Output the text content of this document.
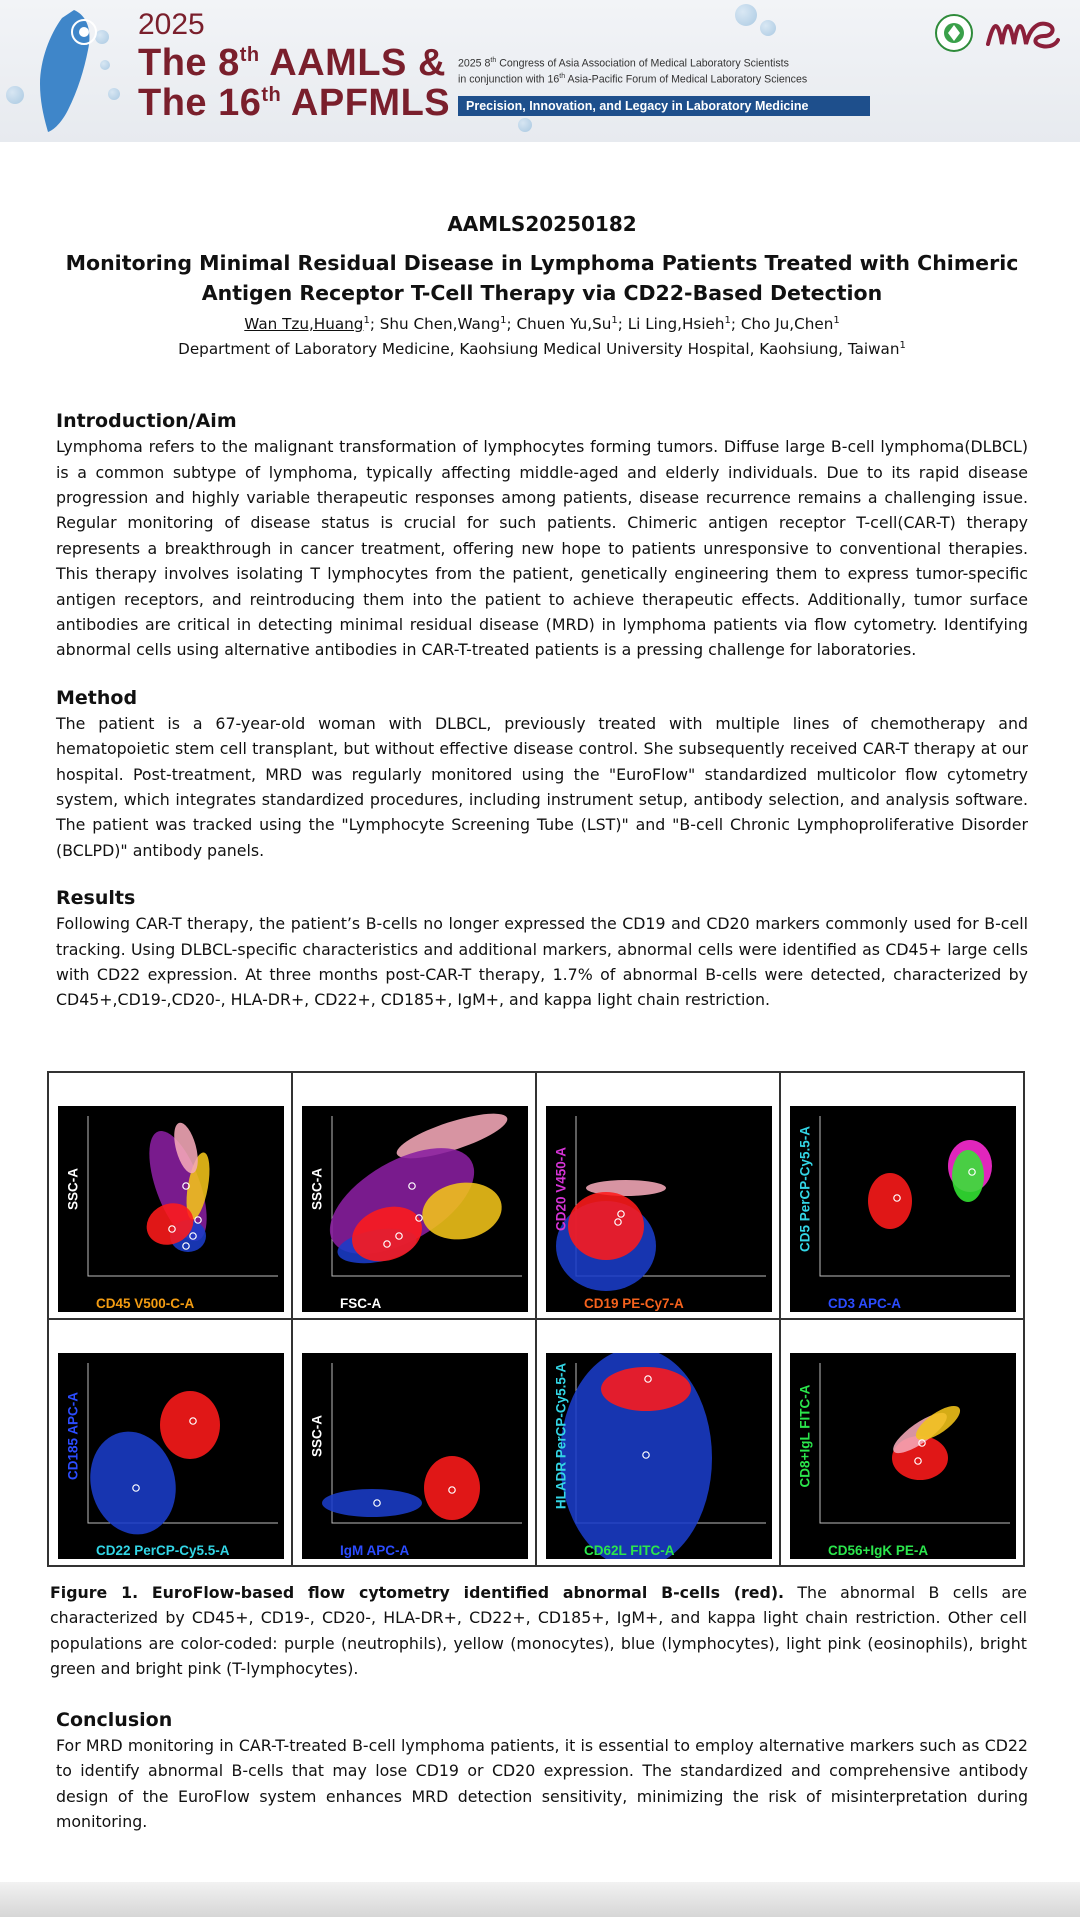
2025
The 8th AAMLS &
The 16th APFMLS
2025 8th Congress of Asia Association of Medical Laboratory Scientists
in conjunction with 16th Asia-Pacific Forum of Medical Laboratory Sciences
Precision, Innovation, and Legacy in Laboratory Medicine
AAMLS20250182
Monitoring Minimal Residual Disease in Lymphoma Patients Treated with Chimeric Antigen Receptor T-Cell Therapy via CD22-Based Detection
Wan Tzu,Huang$^1$; Shu Chen,Wang$^1$; Chuen Yu,Su$^1$; Li Ling,Hsieh$^1$; Cho Ju,Chen$^1$
Department of Laboratory Medicine, Kaohsiung Medical University Hospital, Kaohsiung, Taiwan$^1$
Introduction/Aim

Lymphoma refers to the malignant transformation of lymphocytes forming tumors. Diffuse large B-cell lymphoma(DLBCL) is a common subtype of lymphoma, typically affecting middle-aged and elderly individuals. Due to its rapid disease progression and highly variable therapeutic responses among patients, disease recurrence remains a challenging issue. Regular monitoring of disease status is crucial for such patients. Chimeric antigen receptor T-cell(CAR-T) therapy represents a breakthrough in cancer treatment, offering new hope to patients unresponsive to conventional therapies. This therapy involves isolating T lymphocytes from the patient, genetically engineering them to express tumor-specific antigen receptors, and reintroducing them into the patient to achieve therapeutic effects. Additionally, tumor surface antibodies are critical in detecting minimal residual disease (MRD) in lymphoma patients via flow cytometry. Identifying abnormal cells using alternative antibodies in CAR-T-treated patients is a pressing challenge for laboratories.

Method

The patient is a 67-year-old woman with DLBCL, previously treated with multiple lines of chemotherapy and hematopoietic stem cell transplant, but without effective disease control. She subsequently received CAR-T therapy at our hospital. Post-treatment, MRD was regularly monitored using the "EuroFlow" standardized multicolor flow cytometry system, which integrates standardized procedures, including instrument setup, antibody selection, and analysis software. The patient was tracked using the "Lymphocyte Screening Tube (LST)" and "B-cell Chronic Lymphoproliferative Disorder (BCLPD)" antibody panels.

Results

Following CAR-T therapy, the patient’s B-cells no longer expressed the CD19 and CD20 markers commonly used for B-cell tracking. Using DLBCL-specific characteristics and additional markers, abnormal cells were identified as CD45+ large cells with CD22 expression. At three months post-CAR-T therapy, 1.7% of abnormal B-cells were detected, characterized by CD45+,CD19-,CD20-, HLA-DR+, CD22+, CD185+, IgM+, and kappa light chain restriction.

SSC-A
CD45 V500-C-A
SSC-A
FSC-A
CD20 V450-A
CD19 PE-Cy7-A
CD5 PerCP-Cy5.5-A
CD3 APC-A
CD185 APC-A
CD22 PerCP-Cy5.5-A
SSC-A
IgM APC-A
HLADR PerCP-Cy5.5-A
CD62L FITC-A
CD8+IgL FITC-A
CD56+IgK PE-A
Figure 1. EuroFlow-based flow cytometry identified abnormal B-cells (red). The abnormal B cells are characterized by CD45+, CD19-, CD20-, HLA-DR+, CD22+, CD185+, IgM+, and kappa light chain restriction. Other cell populations are color-coded: purple (neutrophils), yellow (monocytes), blue (lymphocytes), light pink (eosinophils), bright green and bright pink (T-lymphocytes).
Conclusion

For MRD monitoring in CAR-T-treated B-cell lymphoma patients, it is essential to employ alternative markers such as CD22 to identify abnormal B-cells that may lose CD19 or CD20 expression. The standardized and comprehensive antibody design of the EuroFlow system enhances MRD detection sensitivity, minimizing the risk of misinterpretation during monitoring.
